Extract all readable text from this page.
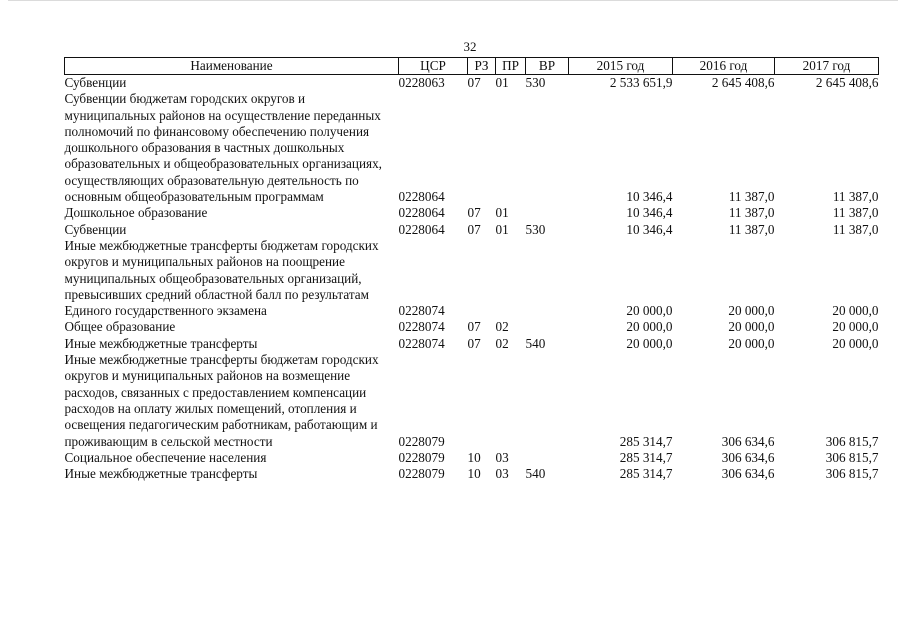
32
Наименование	ЦСР	РЗ	ПР	ВР	2015 год	2016 год	2017 год
Субвенции	0228063	07	01	530	2 533 651,9	2 645 408,6	2 645 408,6
Субвенции бюджетам городских округов и муниципальных районов на осуществление переданных полномочий по финансовому обеспечению получения дошкольного образования в частных дошкольных образовательных и общеобразовательных организациях, осуществляющих образовательную деятельность по основным общеобразовательным программам	0228064				10 346,4	11 387,0	11 387,0
Дошкольное образование	0228064	07	01		10 346,4	11 387,0	11 387,0
Субвенции	0228064	07	01	530	10 346,4	11 387,0	11 387,0
Иные межбюджетные трансферты бюджетам городских округов и муниципальных районов на поощрение муниципальных общеобразовательных организаций, превысивших средний областной балл по результатам Единого государственного экзамена	0228074				20 000,0	20 000,0	20 000,0
Общее образование	0228074	07	02		20 000,0	20 000,0	20 000,0
Иные межбюджетные трансферты	0228074	07	02	540	20 000,0	20 000,0	20 000,0
Иные межбюджетные трансферты бюджетам городских округов и муниципальных районов на возмещение расходов, связанных с предоставлением компенсации расходов на оплату жилых помещений, отопления и освещения педагогическим работникам, работающим и проживающим в сельской местности	0228079				285 314,7	306 634,6	306 815,7
Социальное обеспечение населения	0228079	10	03		285 314,7	306 634,6	306 815,7
Иные межбюджетные трансферты	0228079	10	03	540	285 314,7	306 634,6	306 815,7
